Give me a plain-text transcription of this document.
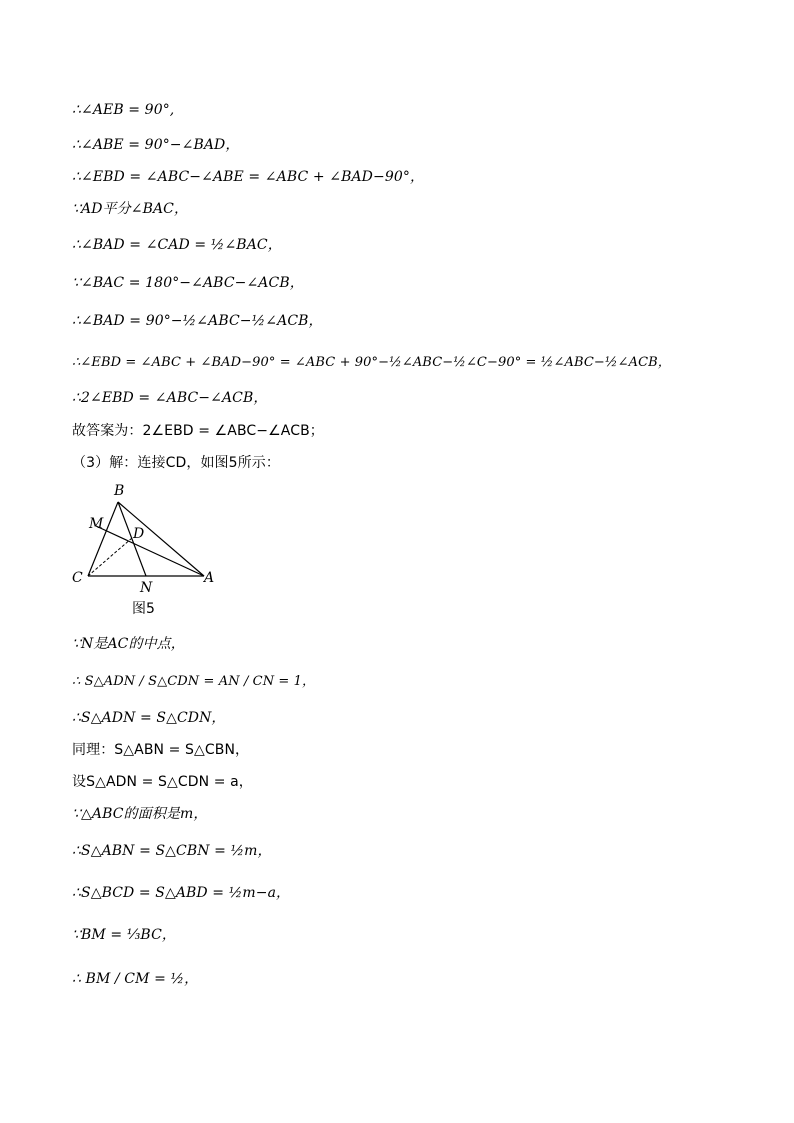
∴∠AEB = 90°,
∴∠ABE = 90°−∠BAD，
∴∠EBD = ∠ABC−∠ABE = ∠ABC + ∠BAD−90°，
∵AD平分∠BAC，
∴∠BAD = ∠CAD = ½∠BAC，
∵∠BAC = 180°−∠ABC−∠ACB，
∴∠BAD = 90°−½∠ABC−½∠ACB，
∴∠EBD = ∠ABC + ∠BAD−90° = ∠ABC + 90°−½∠ABC−½∠C−90° = ½∠ABC−½∠ACB，
∴2∠EBD = ∠ABC−∠ACB，
故答案为：2∠EBD = ∠ABC−∠ACB；
（3）解：连接CD，如图5所示：
B
M
D
C
N
A
图5
∵N是AC的中点，
∴ S△ADN / S△CDN = AN / CN = 1，
∴S△ADN = S△CDN，
同理：S△ABN = S△CBN，
设S△ADN = S△CDN = a，
∵△ABC的面积是m，
∴S△ABN = S△CBN = ½m，
∴S△BCD = S△ABD = ½m−a，
∵BM = ⅓BC，
∴ BM / CM = ½，
